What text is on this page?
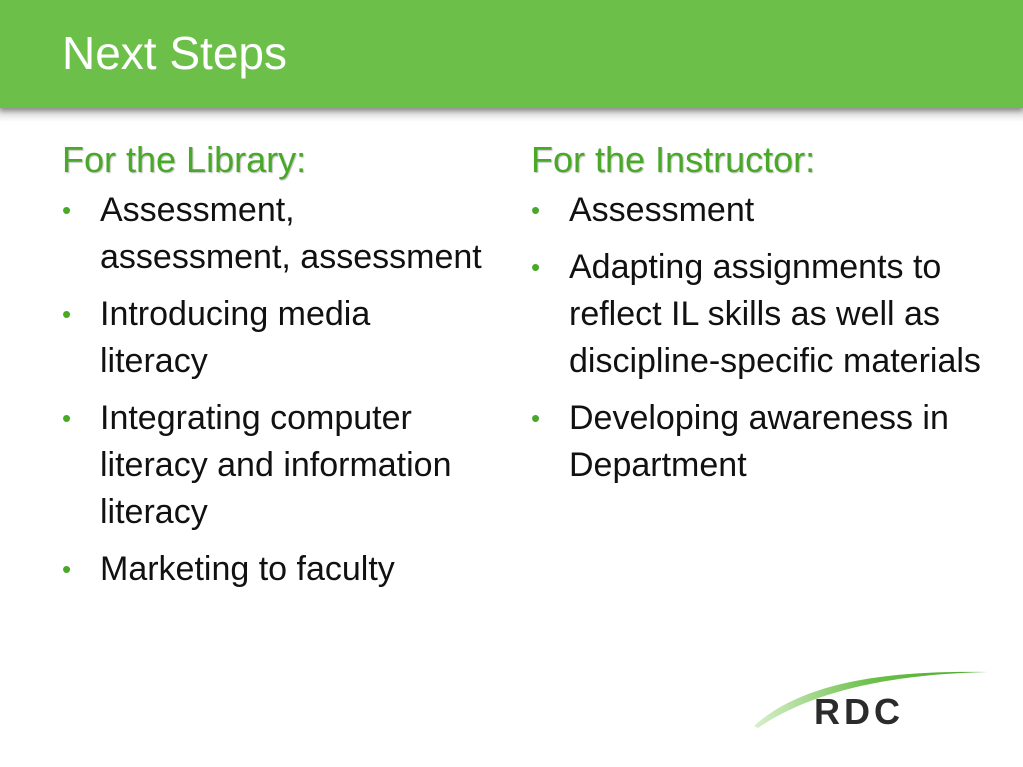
Next Steps
For the Library:
• Assessment, assessment, assessment
• Introducing media literacy
• Integrating computer literacy and information literacy
• Marketing to faculty
For the Instructor:
• Assessment
• Adapting assignments to reflect IL skills as well as discipline-specific materials
• Developing awareness in Department
RDC
